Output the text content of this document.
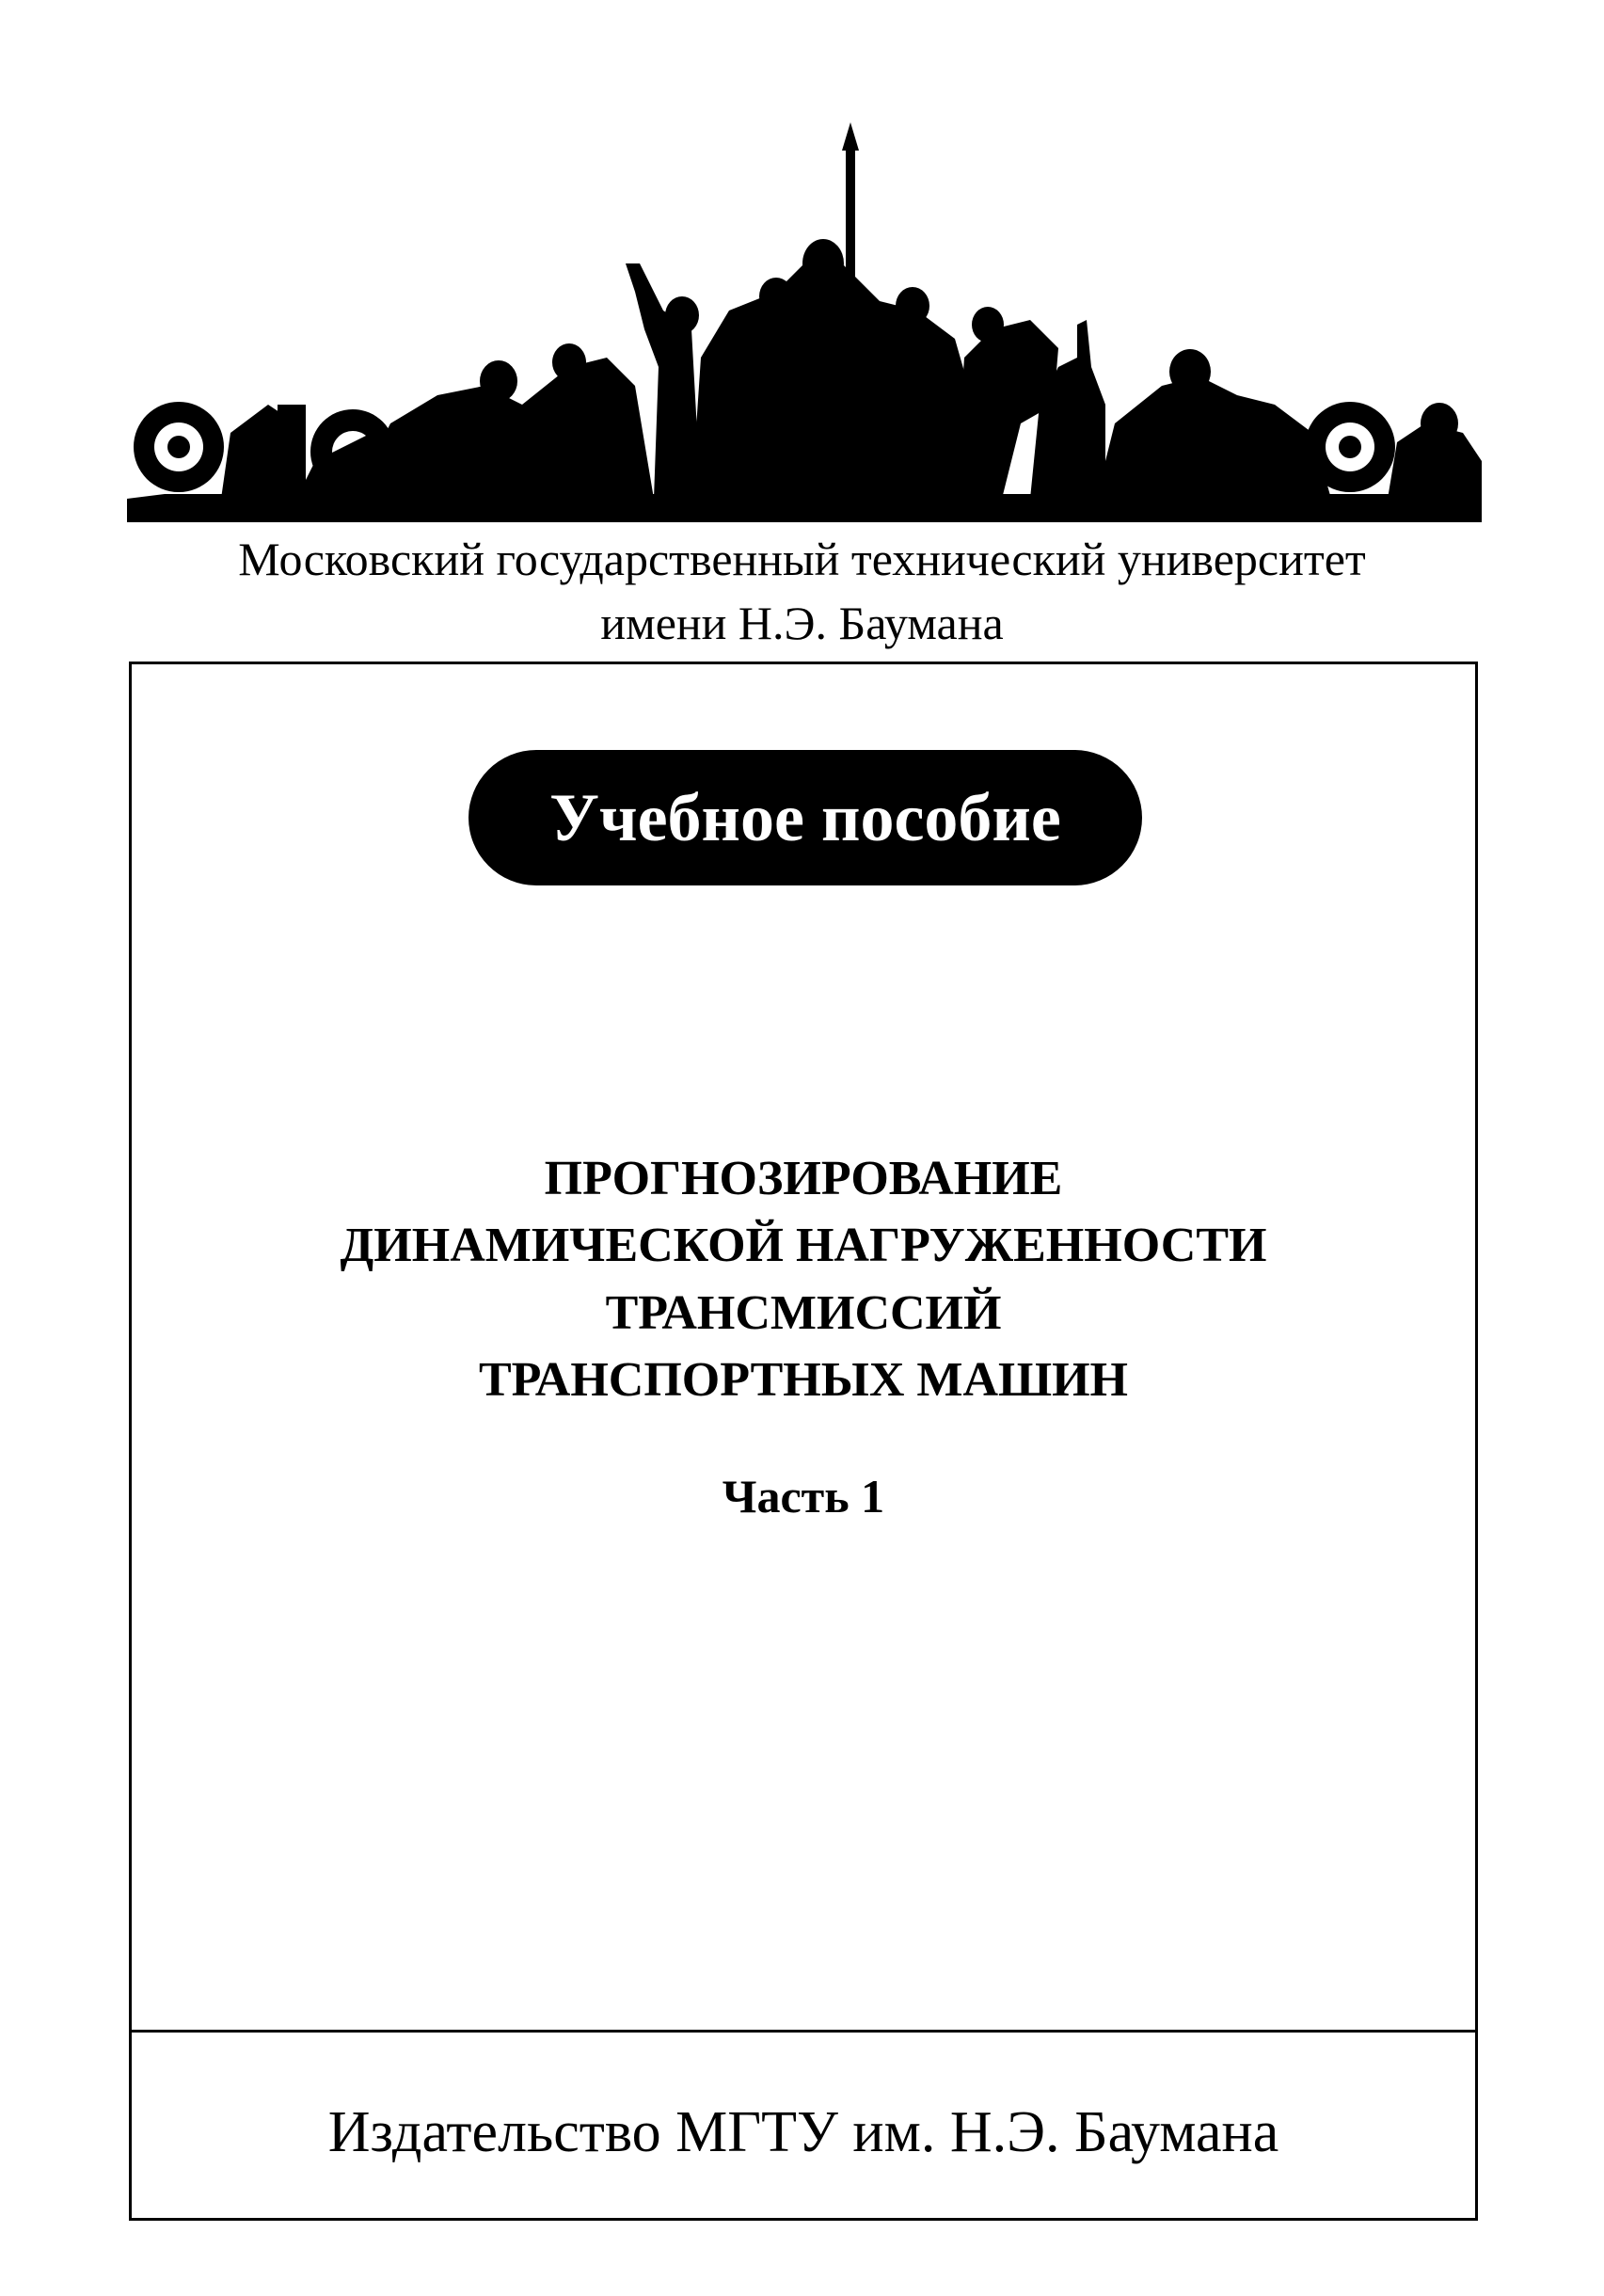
Московский государственный технический университет
имени Н.Э. Баумана
Учебное пособие
ПРОГНОЗИРОВАНИЕ
ДИНАМИЧЕСКОЙ НАГРУЖЕННОСТИ
ТРАНСМИССИЙ
ТРАНСПОРТНЫХ МАШИН
Часть 1
Издательство МГТУ им. Н.Э. Баумана
